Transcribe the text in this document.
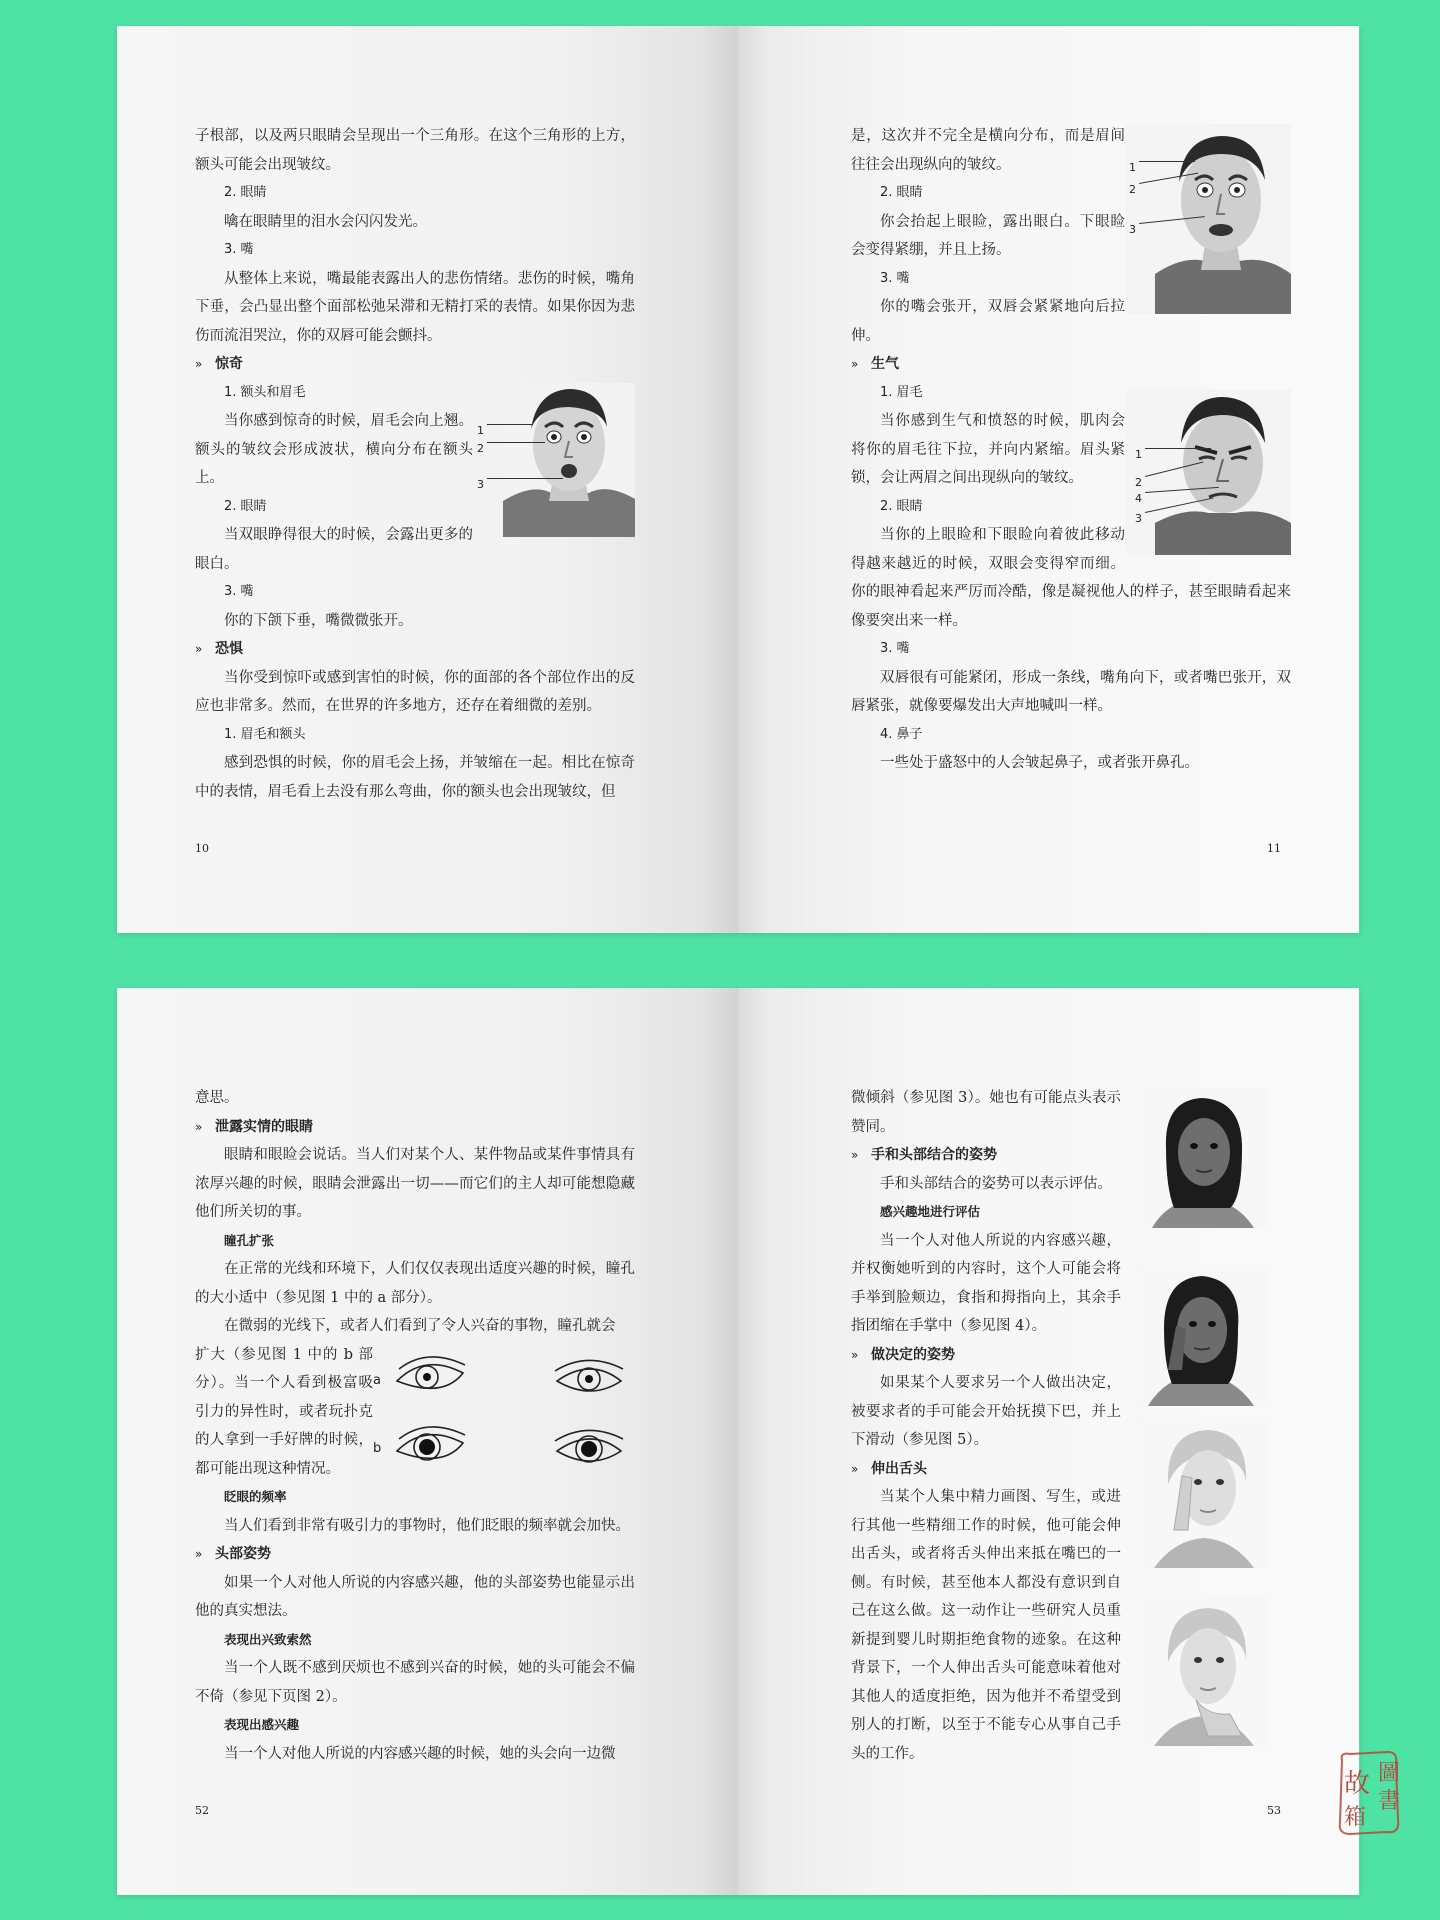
子根部，以及两只眼睛会呈现出一个三角形。在这个三角形的上方，额头可能会出现皱纹。

2. 眼睛

噙在眼睛里的泪水会闪闪发光。

3. 嘴

从整体上来说，嘴最能表露出人的悲伤情绪。悲伤的时候，嘴角下垂，会凸显出整个面部松弛呆滞和无精打采的表情。如果你因为悲伤而流泪哭泣，你的双唇可能会颤抖。

» 惊奇
1
2
3
1. 额头和眉毛

当你感到惊奇的时候，眉毛会向上翘。额头的皱纹会形成波状，横向分布在额头上。

2. 眼睛

当双眼睁得很大的时候，会露出更多的眼白。

3. 嘴

你的下颌下垂，嘴微微张开。

» 恐惧

当你受到惊吓或感到害怕的时候，你的面部的各个部位作出的反应也非常多。然而，在世界的许多地方，还存在着细微的差别。

1. 眉毛和额头

感到恐惧的时候，你的眉毛会上扬，并皱缩在一起。相比在惊奇中的表情，眉毛看上去没有那么弯曲，你的额头也会出现皱纹，但

10
1
2
3

是，这次并不完全是横向分布，而是眉间往往会出现纵向的皱纹。

2. 眼睛

你会抬起上眼睑，露出眼白。下眼睑会变得紧绷，并且上扬。

3. 嘴

你的嘴会张开，双唇会紧紧地向后拉伸。

» 生气
1
2
4
3
1. 眉毛

当你感到生气和愤怒的时候，肌肉会将你的眉毛往下拉，并向内紧缩。眉头紧锁，会让两眉之间出现纵向的皱纹。

2. 眼睛

当你的上眼睑和下眼睑向着彼此移动得越来越近的时候，双眼会变得窄而细。你的眼神看起来严厉而冷酷，像是凝视他人的样子，甚至眼睛看起来像要突出来一样。

3. 嘴

双唇很有可能紧闭，形成一条线，嘴角向下，或者嘴巴张开，双唇紧张，就像要爆发出大声地喊叫一样。

4. 鼻子

一些处于盛怒中的人会皱起鼻子，或者张开鼻孔。

11

意思。

» 泄露实情的眼睛

眼睛和眼睑会说话。当人们对某个人、某件物品或某件事情具有浓厚兴趣的时候，眼睛会泄露出一切——而它们的主人却可能想隐藏他们所关切的事。

瞳孔扩张

在正常的光线和环境下，人们仅仅表现出适度兴趣的时候，瞳孔的大小适中（参见图 1 中的 a 部分）。

在微弱的光线下，或者人们看到了令人兴奋的事物，瞳孔就会

a
b

扩大（参见图 1 中的 b 部分）。当一个人看到极富吸引力的异性时，或者玩扑克的人拿到一手好牌的时候，都可能出现这种情况。

眨眼的频率

当人们看到非常有吸引力的事物时，他们眨眼的频率就会加快。

» 头部姿势

如果一个人对他人所说的内容感兴趣，他的头部姿势也能显示出他的真实想法。

表现出兴致索然

当一个人既不感到厌烦也不感到兴奋的时候，她的头可能会不偏不倚（参见下页图 2）。

表现出感兴趣

当一个人对他人所说的内容感兴趣的时候，她的头会向一边微

52

微倾斜（参见图 3）。她也有可能点头表示赞同。

» 手和头部结合的姿势

手和头部结合的姿势可以表示评估。

感兴趣地进行评估

当一个人对他人所说的内容感兴趣，并权衡她听到的内容时，这个人可能会将手举到脸颊边，食指和拇指向上，其余手指团缩在手掌中（参见图 4）。

» 做决定的姿势

如果某个人要求另一个人做出决定，被要求者的手可能会开始抚摸下巴，并上下滑动（参见图 5）。

» 伸出舌头

当某个人集中精力画图、写生，或进行其他一些精细工作的时候，他可能会伸出舌头，或者将舌头伸出来抵在嘴巴的一侧。有时候，甚至他本人都没有意识到自己在这么做。这一动作让一些研究人员重新提到婴儿时期拒绝食物的迹象。在这种背景下，一个人伸出舌头可能意味着他对其他人的适度拒绝，因为他并不希望受到别人的打断，以至于不能专心从事自己手头的工作。

53
圖
書
故
箱
